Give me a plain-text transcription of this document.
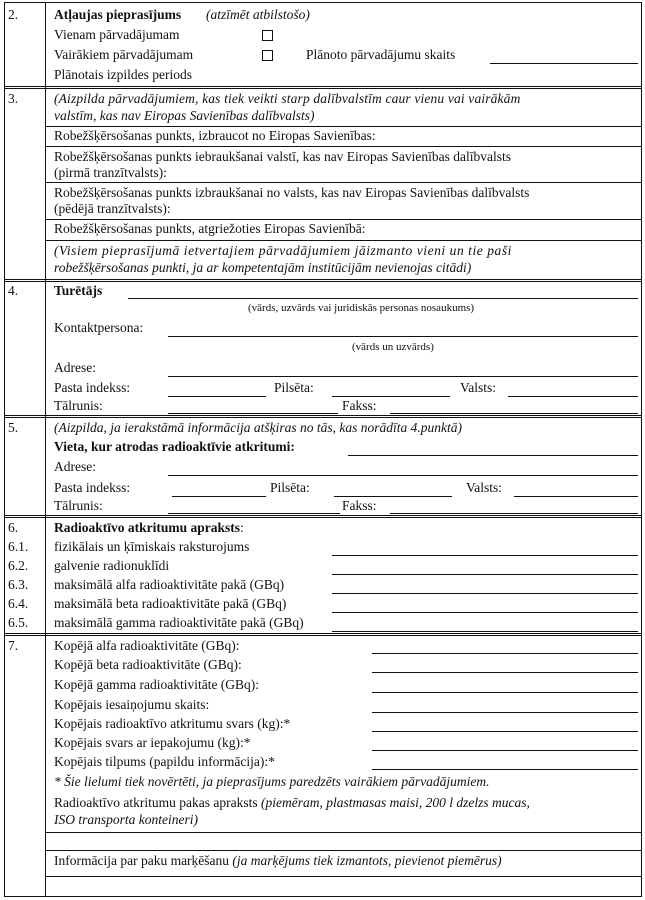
2.	Atļaujas pieprasījums (atzīmēt atbilstošo)
Vienam pārvadājumam
Vairākiem pārvadājumam	Plānoto pārvadājumu skaits
Plānotais izpildes periods
3.	(Aizpilda pārvadājumiem, kas tiek veikti starp dalībvalstīm caur vienu vai vairākām
valstīm, kas nav Eiropas Savienības dalībvalsts)
Robežšķērsošanas punkts, izbraucot no Eiropas Savienības:
Robežšķērsošanas punkts iebraukšanai valstī, kas nav Eiropas Savienības dalībvalsts
(pirmā tranzītvalsts):
Robežšķērsošanas punkts izbraukšanai no valsts, kas nav Eiropas Savienības dalībvalsts
(pēdējā tranzītvalsts):
Robežšķērsošanas punkts, atgriežoties Eiropas Savienībā:
(Visiem pieprasījumā ietvertajiem pārvadājumiem jāizmanto vieni un tie paši
robežšķērsošanas punkti, ja ar kompetentajām institūcijām nevienojas citādi)
4.	Turētājs
(vārds, uzvārds vai juridiskās personas nosaukums)
Kontaktpersona:
(vārds un uzvārds)
Adrese:
Pasta indekss:	Pilsēta:	Valsts:
Tālrunis:	Fakss:
5.	(Aizpilda, ja ierakstāmā informācija atšķiras no tās, kas norādīta 4.punktā)
Vieta, kur atrodas radioaktīvie atkritumi:
Adrese:
Pasta indekss:	Pilsēta:	Valsts:
Tālrunis:	Fakss:
6.	Radioaktīvo atkritumu apraksts:
6.1. fizikālais un ķīmiskais raksturojums
6.2. galvenie radionuklīdi
6.3. maksimālā alfa radioaktivitāte pakā (GBq)
6.4. maksimālā beta radioaktivitāte pakā (GBq)
6.5. maksimālā gamma radioaktivitāte pakā (GBq)
7.	Kopējā alfa radioaktivitāte (GBq):
Kopējā beta radioaktivitāte (GBq):
Kopējā gamma radioaktivitāte (GBq):
Kopējais iesaiņojumu skaits:
Kopējais radioaktīvo atkritumu svars (kg):*
Kopējais svars ar iepakojumu (kg):*
Kopējais tilpums (papildu informācija):*
* Šie lielumi tiek novērtēti, ja pieprasījums paredzēts vairākiem pārvadājumiem.
Radioaktīvo atkritumu pakas apraksts (piemēram, plastmasas maisi, 200 l dzelzs mucas,
ISO transporta konteineri)
Informācija par paku marķēšanu (ja marķējums tiek izmantots, pievienot piemērus)
